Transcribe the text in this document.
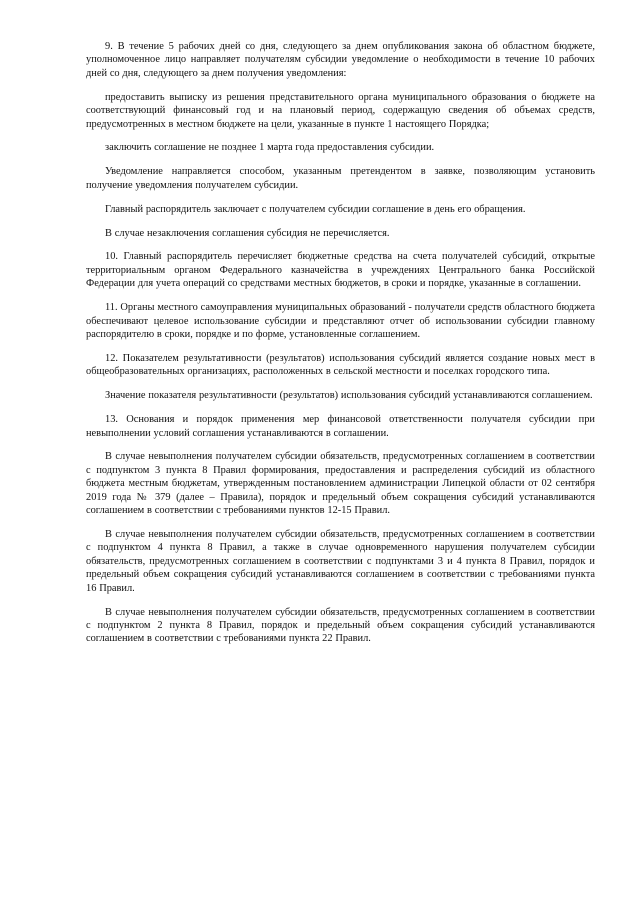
9. В течение 5 рабочих дней со дня, следующего за днем опубликования закона об областном бюджете, уполномоченное лицо направляет получателям субсидии уведомление о необходимости в течение 10 рабочих дней со дня, следующего за днем получения уведомления:

предоставить выписку из решения представительного органа муниципального образования о бюджете на соответствующий финансовый год и на плановый период, содержащую сведения об объемах средств, предусмотренных в местном бюджете на цели, указанные в пункте 1 настоящего Порядка;

заключить соглашение не позднее 1 марта года предоставления субсидии.

Уведомление направляется способом, указанным претендентом в заявке, позволяющим установить получение уведомления получателем субсидии.

Главный распорядитель заключает с получателем субсидии соглашение в день его обращения.

В случае незаключения соглашения субсидия не перечисляется.

10. Главный распорядитель перечисляет бюджетные средства на счета получателей субсидий, открытые территориальным органом Федерального казначейства в учреждениях Центрального банка Российской Федерации для учета операций со средствами местных бюджетов, в сроки и порядке, указанные в соглашении.

11. Органы местного самоуправления муниципальных образований - получатели средств областного бюджета обеспечивают целевое использование субсидии и представляют отчет об использовании субсидии главному распорядителю в сроки, порядке и по форме, установленные соглашением.

12. Показателем результативности (результатов) использования субсидий является создание новых мест в общеобразовательных организациях, расположенных в сельской местности и поселках городского типа.

Значение показателя результативности (результатов) использования субсидий устанавливаются соглашением.

13. Основания и порядок применения мер финансовой ответственности получателя субсидии при невыполнении условий соглашения устанавливаются в соглашении.

В случае невыполнения получателем субсидии обязательств, предусмотренных соглашением в соответствии с подпунктом 3 пункта 8 Правил формирования, предоставления и распределения субсидий из областного бюджета местным бюджетам, утвержденным постановлением администрации Липецкой области от 02 сентября 2019 года № 379 (далее – Правила), порядок и предельный объем сокращения субсидий устанавливаются соглашением в соответствии с требованиями пунктов 12-15 Правил.

В случае невыполнения получателем субсидии обязательств, предусмотренных соглашением в соответствии с подпунктом 4 пункта 8 Правил, а также в случае одновременного нарушения получателем субсидии обязательств, предусмотренных соглашением в соответствии с подпунктами 3 и 4 пункта 8 Правил, порядок и предельный объем сокращения субсидий устанавливаются соглашением в соответствии с требованиями пункта 16 Правил.

В случае невыполнения получателем субсидии обязательств, предусмотренных соглашением в соответствии с подпунктом 2 пункта 8 Правил, порядок и предельный объем сокращения субсидий устанавливаются соглашением в соответствии с требованиями пункта 22 Правил.
